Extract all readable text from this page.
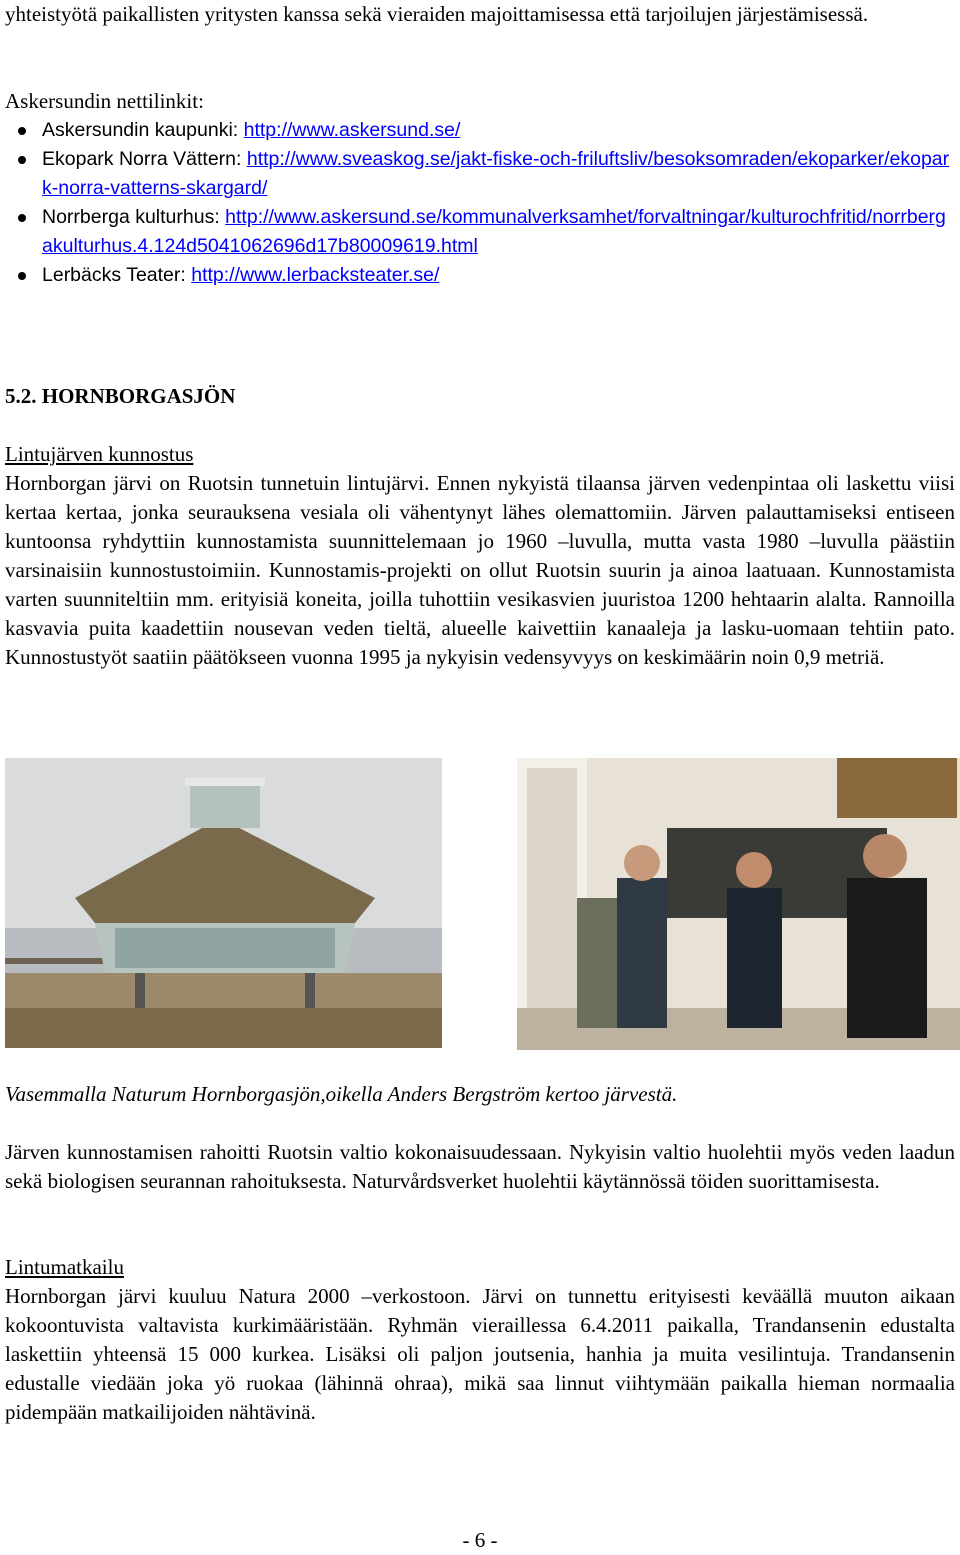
yhteistyötä paikallisten yritysten kanssa sekä vieraiden majoittamisessa että tarjoilujen järjestämisessä.

Askersundin nettilinkit:

Askersundin kaupunki: http://www.askersund.se/
Ekopark Norra Vättern: http://www.sveaskog.se/jakt-fiske-och-friluftsliv/besoksomraden/ekoparker/ekopark-norra-vatterns-skargard/
Norrberga kulturhus: http://www.askersund.se/kommunalverksamhet/forvaltningar/kulturochfritid/norrbergakulturhus.4.124d5041062696d17b80009619.html
Lerbäcks Teater: http://www.lerbacksteater.se/

5.2. HORNBORGASJÖN

Lintujärven kunnostus

Hornborgan järvi on Ruotsin tunnetuin lintujärvi. Ennen nykyistä tilaansa järven vedenpintaa oli laskettu viisi kertaa kertaa, jonka seurauksena vesiala oli vähentynyt lähes olemattomiin. Järven palauttamiseksi entiseen kuntoonsa ryhdyttiin kunnostamista suunnittelemaan jo 1960 –luvulla, mutta vasta 1980 –luvulla päästiin varsinaisiin kunnostustoimiin. Kunnostamis-projekti on ollut Ruotsin suurin ja ainoa laatuaan. Kunnostamista varten suunniteltiin mm. erityisiä koneita, joilla tuhottiin vesikasvien juuristoa 1200 hehtaarin alalta. Rannoilla kasvavia puita kaadettiin nousevan veden tieltä, alueelle kaivettiin kanaaleja ja lasku-uomaan tehtiin pato. Kunnostustyöt saatiin päätökseen vuonna 1995 ja nykyisin vedensyvyys on keskimäärin noin 0,9 metriä.

Vasemmalla Naturum Hornborgasjön,oikella Anders Bergström kertoo järvestä.

Järven kunnostamisen rahoitti Ruotsin valtio kokonaisuudessaan. Nykyisin valtio huolehtii myös veden laadun sekä biologisen seurannan rahoituksesta. Naturvårdsverket huolehtii käytännössä töiden suorittamisesta.

Lintumatkailu

Hornborgan järvi kuuluu Natura 2000 –verkostoon. Järvi on tunnettu erityisesti keväällä muuton aikaan kokoontuvista valtavista kurkimääristään. Ryhmän vieraillessa 6.4.2011 paikalla, Trandansenin edustalta laskettiin yhteensä 15 000 kurkea. Lisäksi oli paljon joutsenia, hanhia ja muita vesilintuja. Trandansenin edustalle viedään joka yö ruokaa (lähinnä ohraa), mikä saa linnut viihtymään paikalla hieman normaalia pidempään matkailijoiden nähtävinä.

- 6 -
